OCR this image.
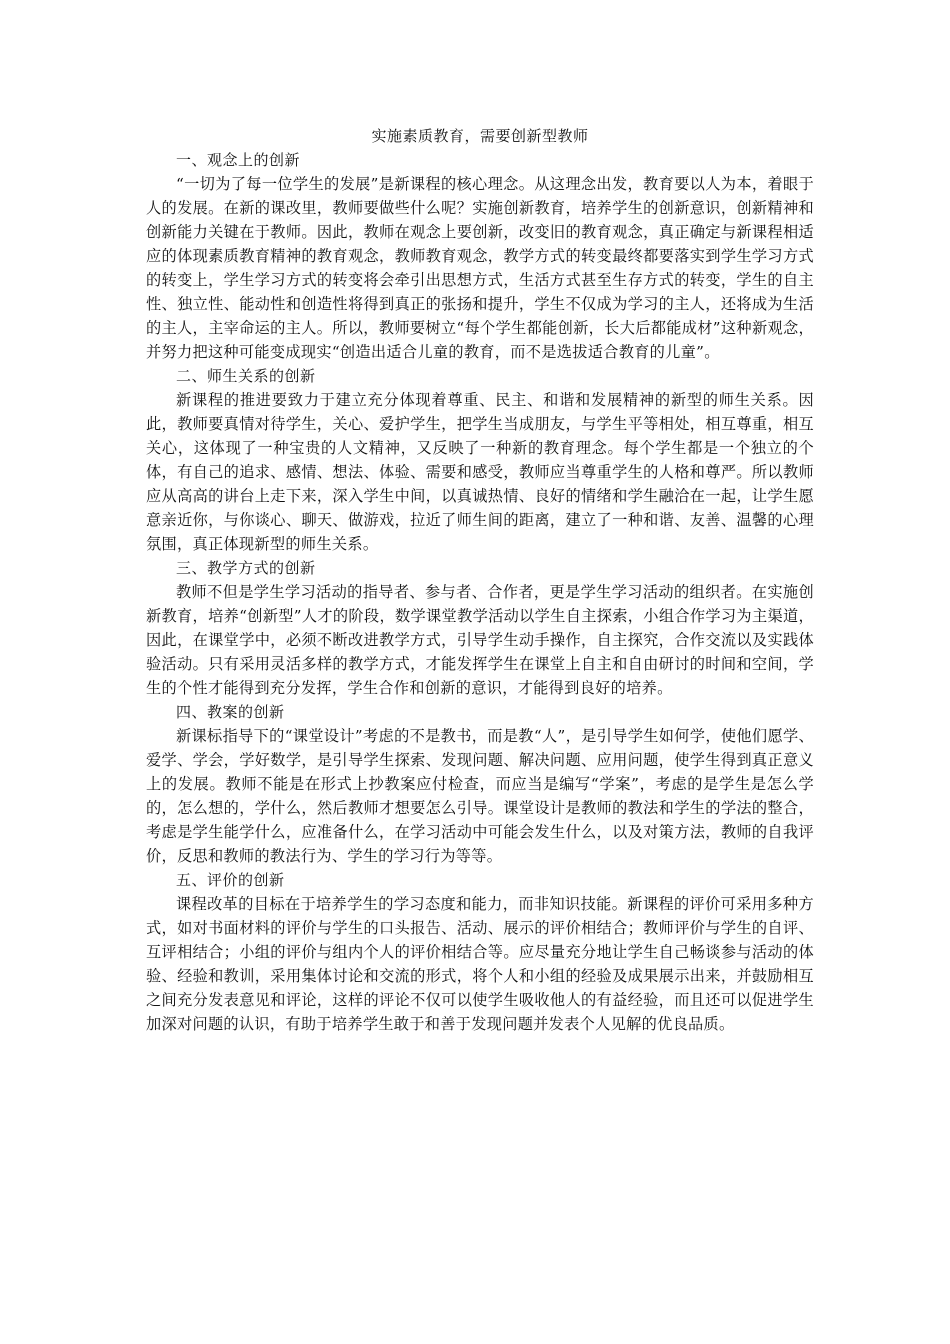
实施素质教育，需要创新型教师
一、观念上的创新

“一切为了每一位学生的发展”是新课程的核心理念。从这理念出发，教育要以人为本，着眼于人的发展。在新的课改里，教师要做些什么呢？实施创新教育，培养学生的创新意识，创新精神和创新能力关键在于教师。因此，教师在观念上要创新，改变旧的教育观念，真正确定与新课程相适应的体现素质教育精神的教育观念，教师教育观念，教学方式的转变最终都要落实到学生学习方式的转变上，学生学习方式的转变将会牵引出思想方式，生活方式甚至生存方式的转变，学生的自主性、独立性、能动性和创造性将得到真正的张扬和提升，学生不仅成为学习的主人，还将成为生活的主人，主宰命运的主人。所以，教师要树立“每个学生都能创新，长大后都能成材”这种新观念，并努力把这种可能变成现实“创造出适合儿童的教育，而不是选拔适合教育的儿童”。

二、师生关系的创新

新课程的推进要致力于建立充分体现着尊重、民主、和谐和发展精神的新型的师生关系。因此，教师要真情对待学生，关心、爱护学生，把学生当成朋友，与学生平等相处，相互尊重，相互关心，这体现了一种宝贵的人文精神，又反映了一种新的教育理念。每个学生都是一个独立的个体，有自己的追求、感情、想法、体验、需要和感受，教师应当尊重学生的人格和尊严。所以教师应从高高的讲台上走下来，深入学生中间，以真诚热情、良好的情绪和学生融洽在一起，让学生愿意亲近你，与你谈心、聊天、做游戏，拉近了师生间的距离，建立了一种和谐、友善、温馨的心理氛围，真正体现新型的师生关系。

三、教学方式的创新

教师不但是学生学习活动的指导者、参与者、合作者，更是学生学习活动的组织者。在实施创新教育，培养“创新型”人才的阶段，数学课堂教学活动以学生自主探索，小组合作学习为主渠道，因此，在课堂学中，必须不断改进教学方式，引导学生动手操作，自主探究，合作交流以及实践体验活动。只有采用灵活多样的教学方式，才能发挥学生在课堂上自主和自由研讨的时间和空间，学生的个性才能得到充分发挥，学生合作和创新的意识，才能得到良好的培养。

四、教案的创新

新课标指导下的“课堂设计”考虑的不是教书，而是教“人”，是引导学生如何学，使他们愿学、爱学、学会，学好数学，是引导学生探索、发现问题、解决问题、应用问题，使学生得到真正意义上的发展。教师不能是在形式上抄教案应付检查，而应当是编写“学案”，考虑的是学生是怎么学的，怎么想的，学什么，然后教师才想要怎么引导。课堂设计是教师的教法和学生的学法的整合，考虑是学生能学什么，应准备什么，在学习活动中可能会发生什么，以及对策方法，教师的自我评价，反思和教师的教法行为、学生的学习行为等等。

五、评价的创新

课程改革的目标在于培养学生的学习态度和能力，而非知识技能。新课程的评价可采用多种方式，如对书面材料的评价与学生的口头报告、活动、展示的评价相结合；教师评价与学生的自评、互评相结合；小组的评价与组内个人的评价相结合等。应尽量充分地让学生自己畅谈参与活动的体验、经验和教训，采用集体讨论和交流的形式，将个人和小组的经验及成果展示出来，并鼓励相互之间充分发表意见和评论，这样的评论不仅可以使学生吸收他人的有益经验，而且还可以促进学生加深对问题的认识，有助于培养学生敢于和善于发现问题并发表个人见解的优良品质。
